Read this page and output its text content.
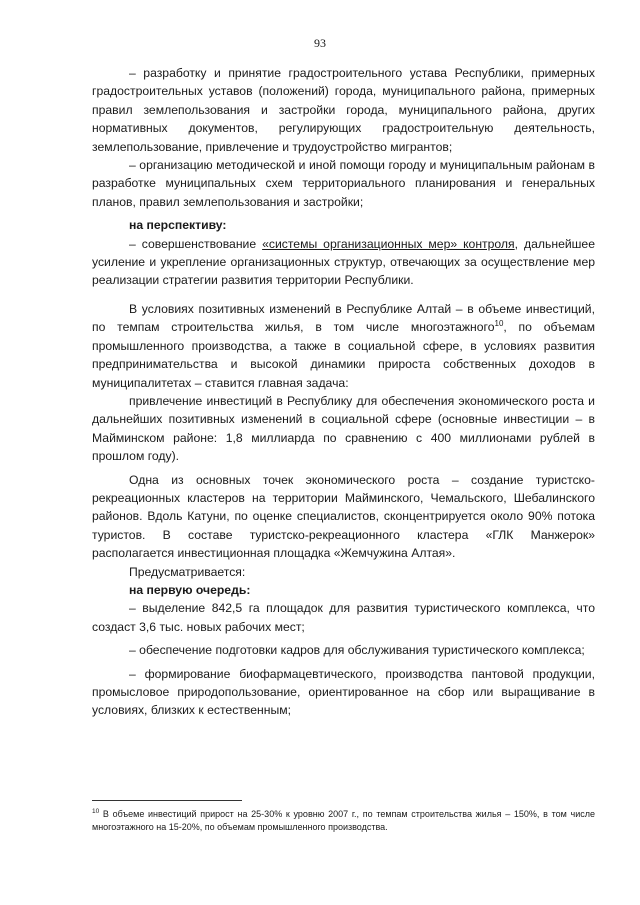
93

– разработку и принятие градостроительного устава Республики, примерных градостроительных уставов (положений) города, муниципального района, примерных правил землепользования и застройки города, муниципального района, других нормативных документов, регулирующих градостроительную деятельность, землепользование, привлечение и трудоустройство мигрантов;

– организацию методической и иной помощи городу и муниципальным районам в разработке муниципальных схем территориального планирования и генеральных планов, правил землепользования и застройки;

на перспективу:

– совершенствование «системы организационных мер» контроля, дальнейшее усиление и укрепление организационных структур, отвечающих за осуществление мер реализации стратегии развития территории Республики.

В условиях позитивных изменений в Республике Алтай – в объеме инвестиций, по темпам строительства жилья, в том числе многоэтажного$^{10}$, по объемам промышленного производства, а также в социальной сфере, в условиях развития предпринимательства и высокой динамики прироста собственных доходов в муниципалитетах – ставится главная задача:

привлечение инвестиций в Республику для обеспечения экономического роста и дальнейших позитивных изменений в социальной сфере (основные инвестиции – в Майминском районе: 1,8 миллиарда по сравнению с 400 миллионами рублей в прошлом году).

Одна из основных точек экономического роста – создание туристско-рекреационных кластеров на территории Майминского, Чемальского, Шебалинского районов. Вдоль Катуни, по оценке специалистов, сконцентрируется около 90% потока туристов. В составе туристско-рекреационного кластера «ГЛК Манжерок» располагается инвестиционная площадка «Жемчужина Алтая».

Предусматривается:

на первую очередь:

– выделение 842,5 га площадок для развития туристического комплекса, что создаст 3,6 тыс. новых рабочих мест;

– обеспечение подготовки кадров для обслуживания туристического комплекса;

– формирование биофармацевтического, производства пантовой продукции, промысловое природопользование, ориентированное на сбор или выращивание в условиях, близких к естественным;

$^{10}$ В объеме инвестиций прирост на 25-30% к уровню 2007 г., по темпам строительства жилья – 150%, в том числе многоэтажного на 15-20%, по объемам промышленного производства.
